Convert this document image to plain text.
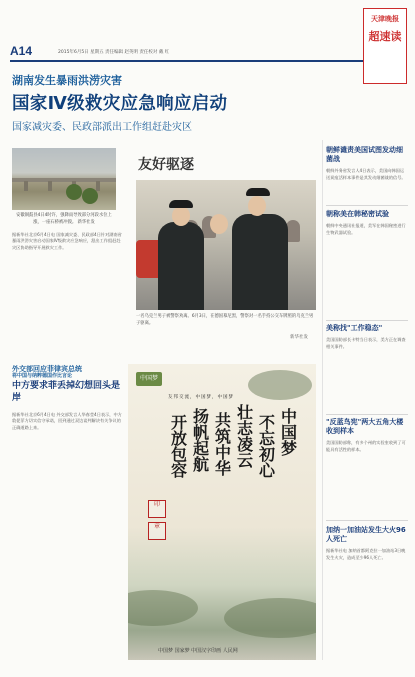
A14	2015年6月5日 星期五 责任编辑 赵英明 责任校对 戴 红
天津晚报
超速读
湖南发生暴雨洪涝灾害
国家Ⅳ级救灾应急响应启动
国家减灾委、民政部派出工作组赶赴灾区
安徽铜鼓县4日4时许，强降雨导致部分河段水位上涨，一座石桥被冲毁。 新华社发
据新华社北京6月4日电 国家减灾委、民政部4日针对湖南省暴雨洪涝灾害启动国家Ⅳ级救灾应急响应，派出工作组赶赴灾区协助指导开展救灾工作。
友好驱逐
一名乌克兰男子被警察劝离。6月3日，在德国慕尼黑，警察对一名手持公交车牌照的乌克兰男子驱离。
新华社发
朝鲜谴责美国试图发动细菌战
朝鲜外务省发言人4日表示，美国向韩国运送炭疽活样本事件是其发动细菌战的信号。
朝称美在韩秘密试验
朝鲜中央通讯社报道，美军在韩国秘密进行生物武器试验。
美称找"工作稳态"
美国国防部长卡特当日表示，美方正在调查相关事件。
"反蓝鸟宪"两大五角大楼收到样本
美国国防部称，有多个州的实验室收到了可能具有活性的样本。
加纳一加油站发生大火96人死亡
据新华社电 加纳首都阿克拉一加油站3日晚发生火灾，造成至少96人死亡。
外交部回应菲律宾总统
将中国与纳粹德国作比言论
中方要求菲丢掉幻想回头是岸
据新华社北京6月4日电 外交部发言人华春莹4日表示，中方敦促菲方切实信守承诺，回到通过双边谈判解决有关争议的正确道路上来。
中国梦
友邦交流，中国梦，中国梦
中国梦
不忘初心
壮志凌云
共筑中华
扬帆起航
开放包容
印
章
中国梦 国家梦 中国汉字印画 人民网
